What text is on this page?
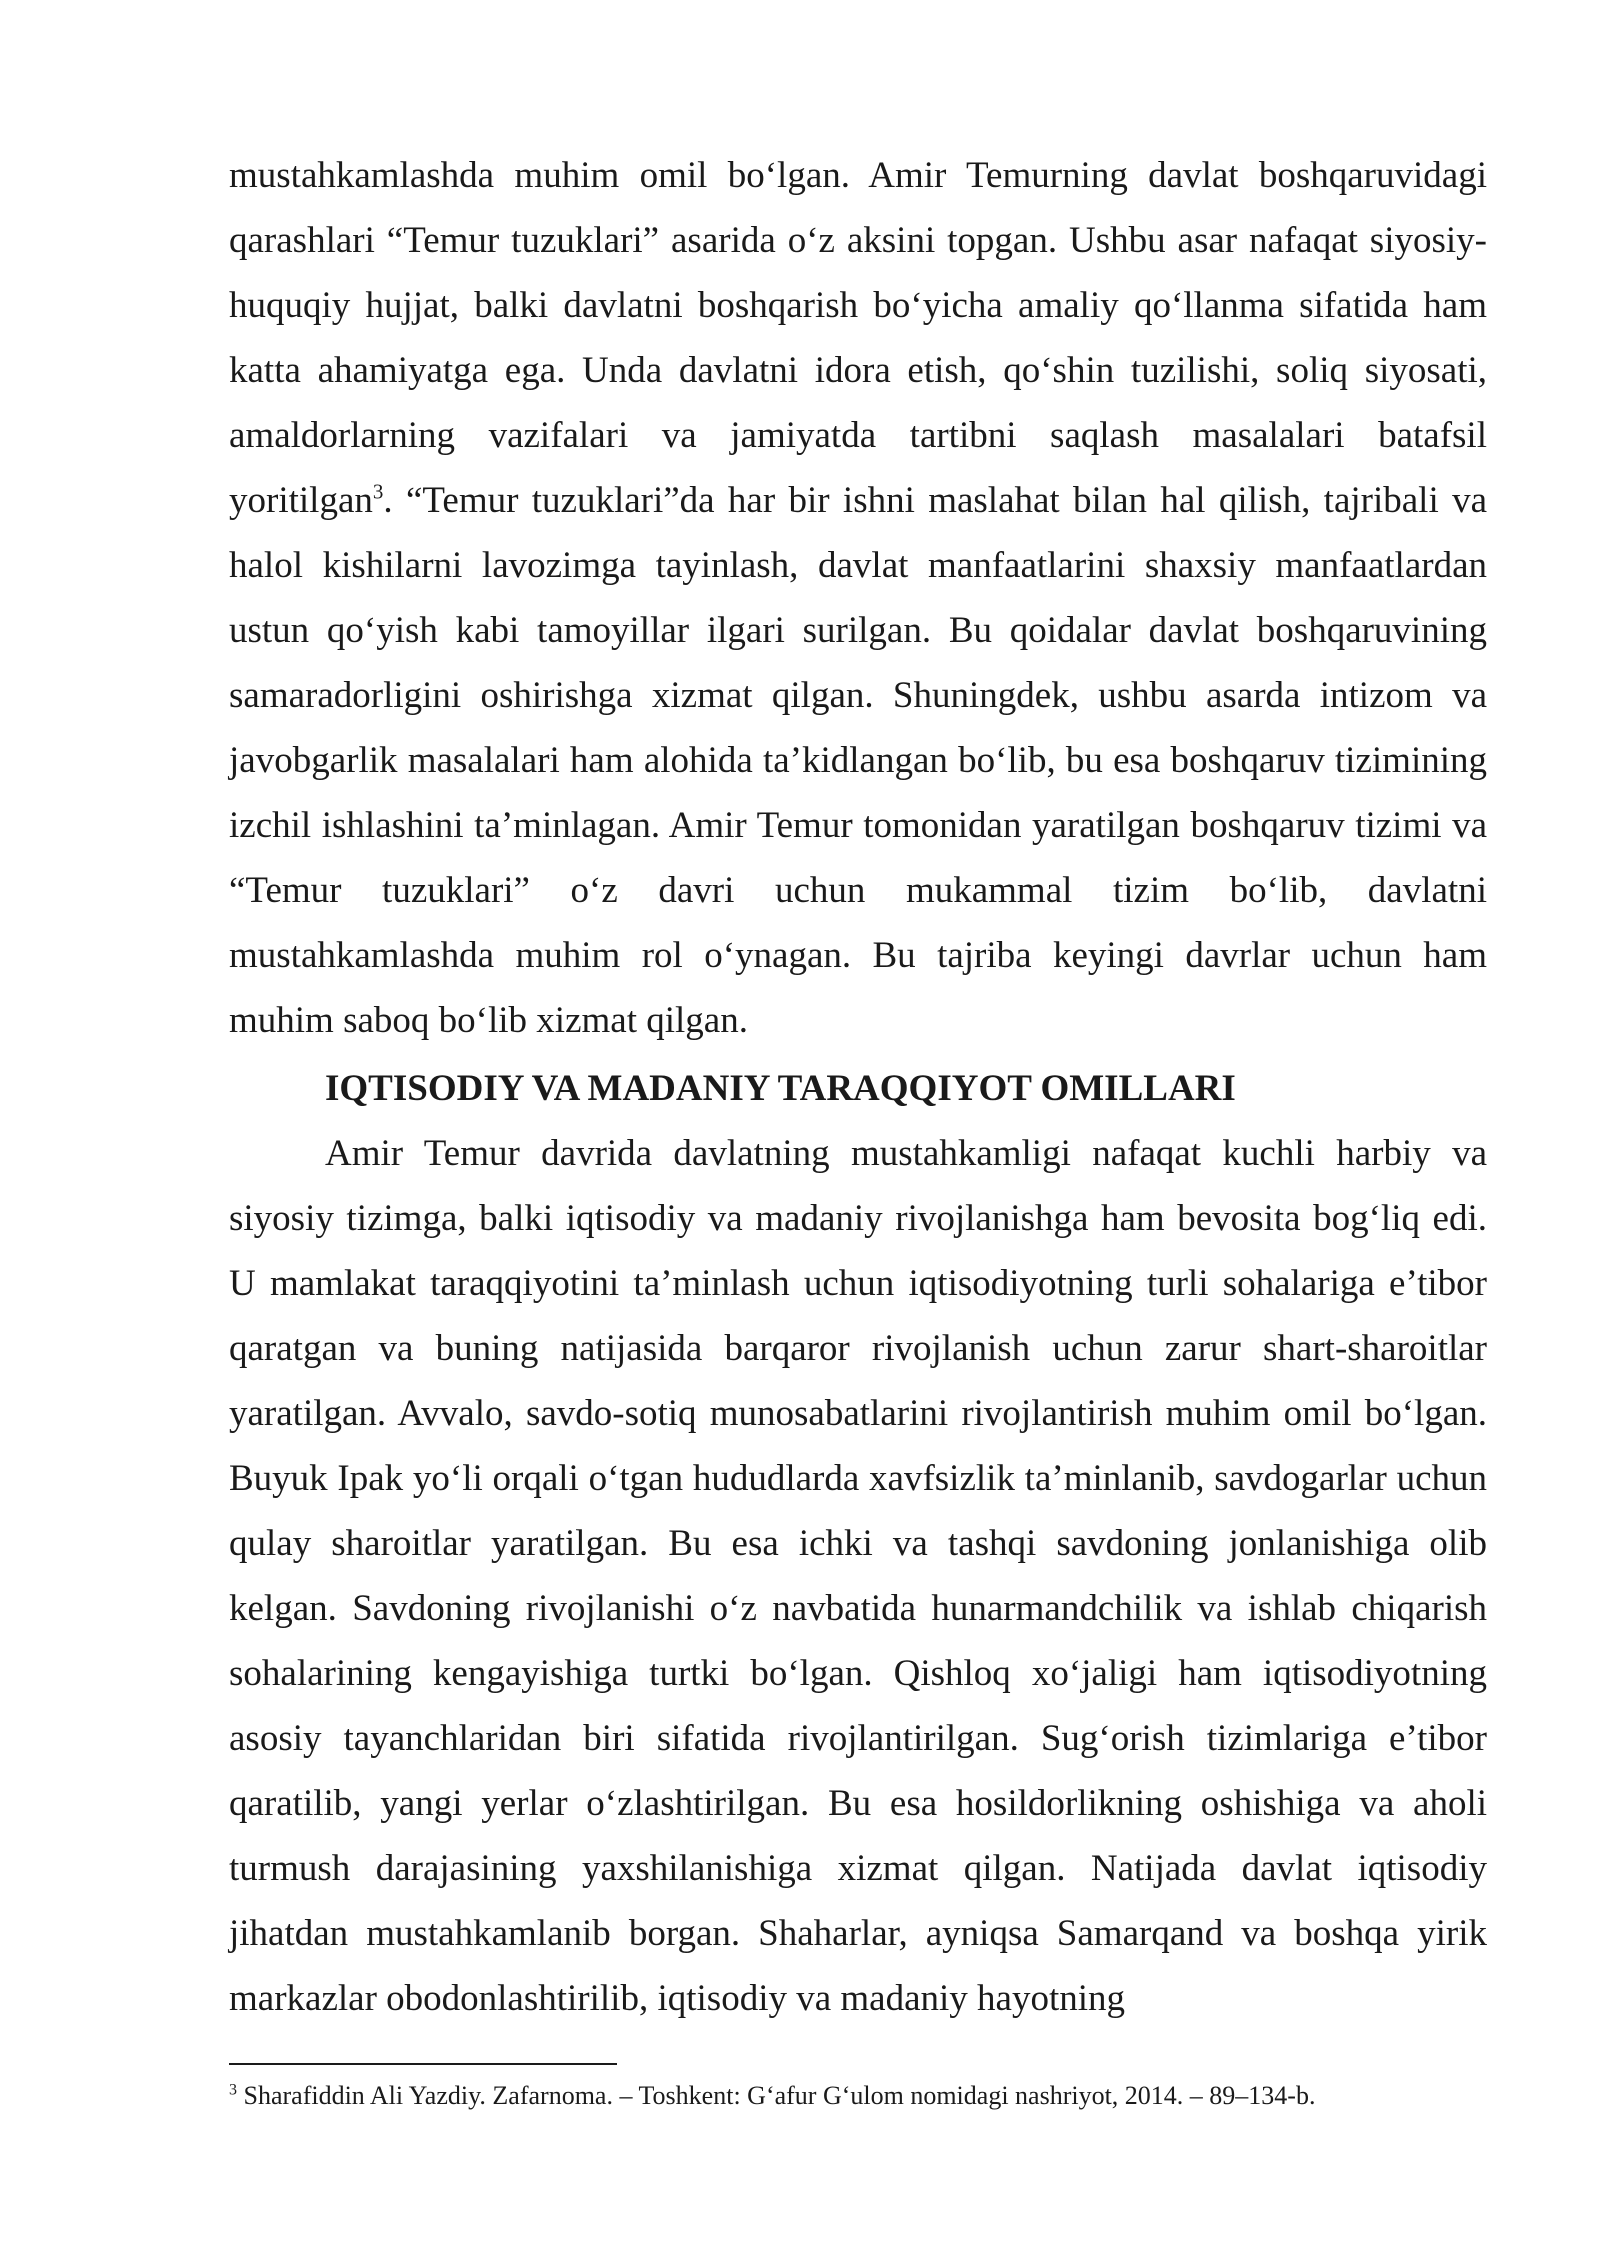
mustahkamlashda muhim omil bo‘lgan. Amir Temurning davlat boshqaruvidagi qarashlari “Temur tuzuklari” asarida o‘z aksini topgan. Ushbu asar nafaqat siyosiy-huquqiy hujjat, balki davlatni boshqarish bo‘yicha amaliy qo‘llanma sifatida ham katta ahamiyatga ega. Unda davlatni idora etish, qo‘shin tuzilishi, soliq siyosati, amaldorlarning vazifalari va jamiyatda tartibni saqlash masalalari batafsil yoritilgan$^3$. “Temur tuzuklari”da har bir ishni maslahat bilan hal qilish, tajribali va halol kishilarni lavozimga tayinlash, davlat manfaatlarini shaxsiy manfaatlardan ustun qo‘yish kabi tamoyillar ilgari surilgan. Bu qoidalar davlat boshqaruvining samaradorligini oshirishga xizmat qilgan. Shuningdek, ushbu asarda intizom va javobgarlik masalalari ham alohida ta’kidlangan bo‘lib, bu esa boshqaruv tizimining izchil ishlashini ta’minlagan. Amir Temur tomonidan yaratilgan boshqaruv tizimi va “Temur tuzuklari” o‘z davri uchun mukammal tizim bo‘lib, davlatni mustahkamlashda muhim rol o‘ynagan. Bu tajriba keyingi davrlar uchun ham muhim saboq bo‘lib xizmat qilgan.

IQTISODIY VA MADANIY TARAQQIYOT OMILLARI

Amir Temur davrida davlatning mustahkamligi nafaqat kuchli harbiy va siyosiy tizimga, balki iqtisodiy va madaniy rivojlanishga ham bevosita bog‘liq edi. U mamlakat taraqqiyotini ta’minlash uchun iqtisodiyotning turli sohalariga e’tibor qaratgan va buning natijasida barqaror rivojlanish uchun zarur shart-sharoitlar yaratilgan. Avvalo, savdo-sotiq munosabatlarini rivojlantirish muhim omil bo‘lgan. Buyuk Ipak yo‘li orqali o‘tgan hududlarda xavfsizlik ta’minlanib, savdogarlar uchun qulay sharoitlar yaratilgan. Bu esa ichki va tashqi savdoning jonlanishiga olib kelgan. Savdoning rivojlanishi o‘z navbatida hunarmandchilik va ishlab chiqarish sohalarining kengayishiga turtki bo‘lgan. Qishloq xo‘jaligi ham iqtisodiyotning asosiy tayanchlaridan biri sifatida rivojlantirilgan. Sug‘orish tizimlariga e’tibor qaratilib, yangi yerlar o‘zlashtirilgan. Bu esa hosildorlikning oshishiga va aholi turmush darajasining yaxshilanishiga xizmat qilgan. Natijada davlat iqtisodiy jihatdan mustahkamlanib borgan. Shaharlar, ayniqsa Samarqand va boshqa yirik markazlar obodonlashtirilib, iqtisodiy va madaniy hayotning

$^3$ Sharafiddin Ali Yazdiy. Zafarnoma. – Toshkent: G‘afur G‘ulom nomidagi nashriyot, 2014. – 89–134-b.
